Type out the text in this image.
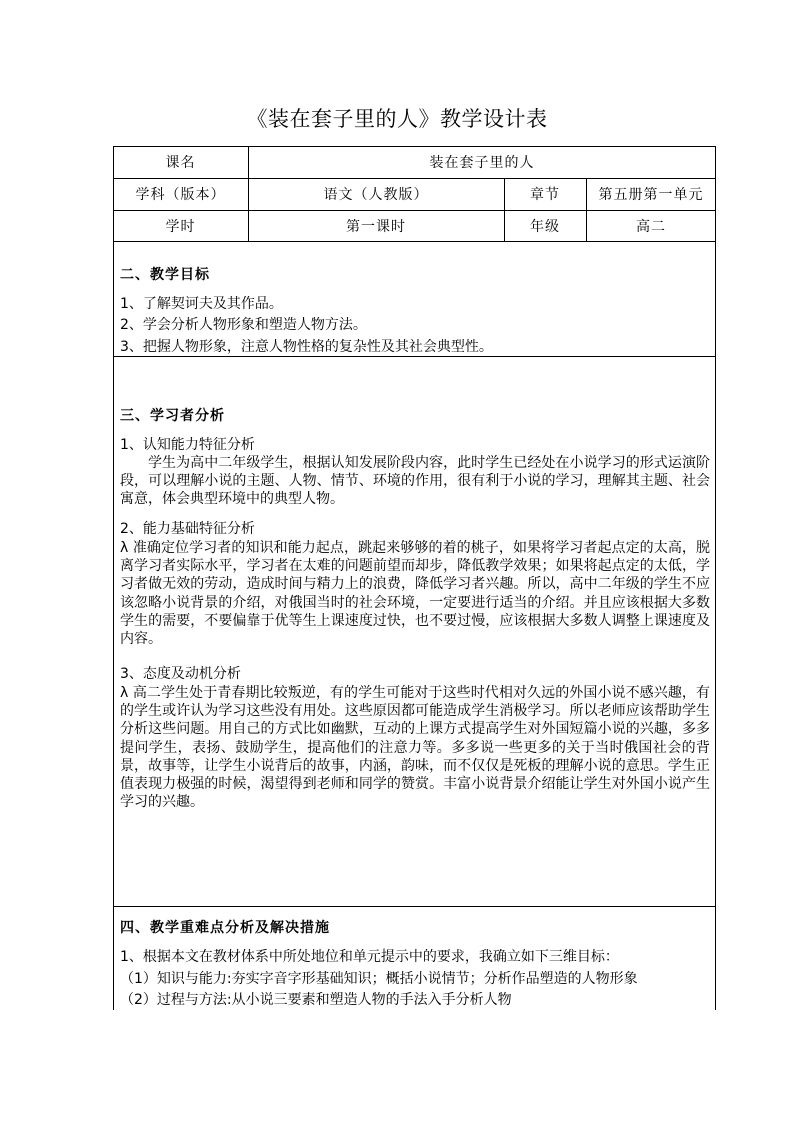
《装在套子里的人》教学设计表
课名	装在套子里的人
学科（版本）	语文（人教版）	章节	第五册第一单元
学时	第一课时	年级	高二
二、教学目标
1、了解契诃夫及其作品。
2、学会分析人物形象和塑造人物方法。
3、把握人物形象，注意人物性格的复杂性及其社会典型性。
三、学习者分析
1、认知能力特征分析

学生为高中二年级学生，根据认知发展阶段内容，此时学生已经处在小说学习的形式运演阶段，可以理解小说的主题、人物、情节、环境的作用，很有利于小说的学习，理解其主题、社会寓意，体会典型环境中的典型人物。

2、能力基础特征分析

λ 准确定位学习者的知识和能力起点，跳起来够够的着的桃子，如果将学习者起点定的太高，脱离学习者实际水平，学习者在太难的问题前望而却步，降低教学效果；如果将起点定的太低，学习者做无效的劳动，造成时间与精力上的浪费，降低学习者兴趣。所以，高中二年级的学生不应该忽略小说背景的介绍，对俄国当时的社会环境，一定要进行适当的介绍。并且应该根据大多数学生的需要，不要偏靠于优等生上课速度过快，也不要过慢，应该根据大多数人调整上课速度及内容。

3、态度及动机分析

λ 高二学生处于青春期比较叛逆，有的学生可能对于这些时代相对久远的外国小说不感兴趣，有的学生或许认为学习这些没有用处。这些原因都可能造成学生消极学习。所以老师应该帮助学生分析这些问题。用自己的方式比如幽默，互动的上课方式提高学生对外国短篇小说的兴趣，多多提问学生，表扬、鼓励学生，提高他们的注意力等。多多说一些更多的关于当时俄国社会的背景，故事等，让学生小说背后的故事，内涵，韵味，而不仅仅是死板的理解小说的意思。学生正值表现力极强的时候，渴望得到老师和同学的赞赏。丰富小说背景介绍能让学生对外国小说产生学习的兴趣。

四、教学重难点分析及解决措施
1、根据本文在教材体系中所处地位和单元提示中的要求，我确立如下三维目标：
（1）知识与能力:夯实字音字形基础知识；概括小说情节；分析作品塑造的人物形象
（2）过程与方法:从小说三要素和塑造人物的手法入手分析人物
